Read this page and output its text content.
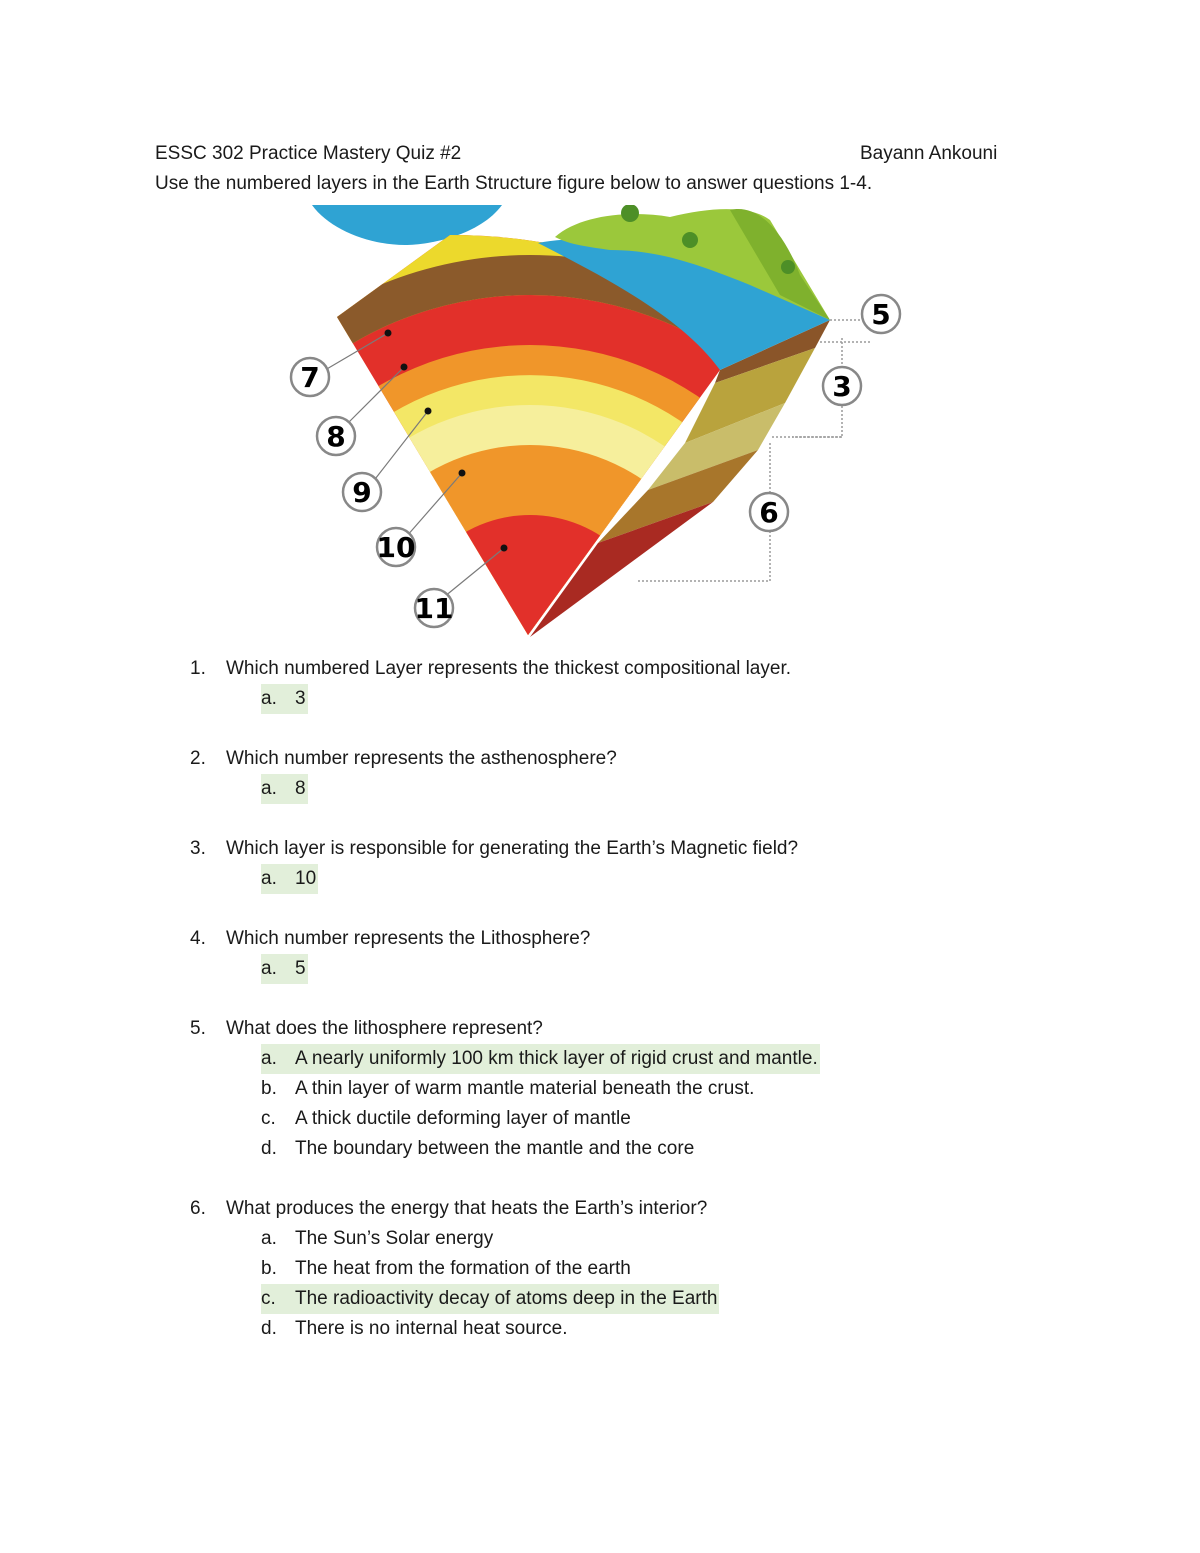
ESSC 302 Practice Mastery Quiz #2	Bayann Ankouni
Use the numbered layers in the Earth Structure figure below to answer questions 1-4.
7
8
9
10
11
5
3
6
1.	Which numbered Layer represents the thickest compositional layer.
a. 3
2.	Which number represents the asthenosphere?
a. 8
3.	Which layer is responsible for generating the Earth’s Magnetic field?
a. 10
4.	Which number represents the Lithosphere?
a. 5
5.	What does the lithosphere represent?
a. A nearly uniformly 100 km thick layer of rigid crust and mantle.
b. A thin layer of warm mantle material beneath the crust.
c. A thick ductile deforming layer of mantle
d. The boundary between the mantle and the core
6.	What produces the energy that heats the Earth’s interior?
a. The Sun’s Solar energy
b. The heat from the formation of the earth
c. The radioactivity decay of atoms deep in the Earth
d. There is no internal heat source.
